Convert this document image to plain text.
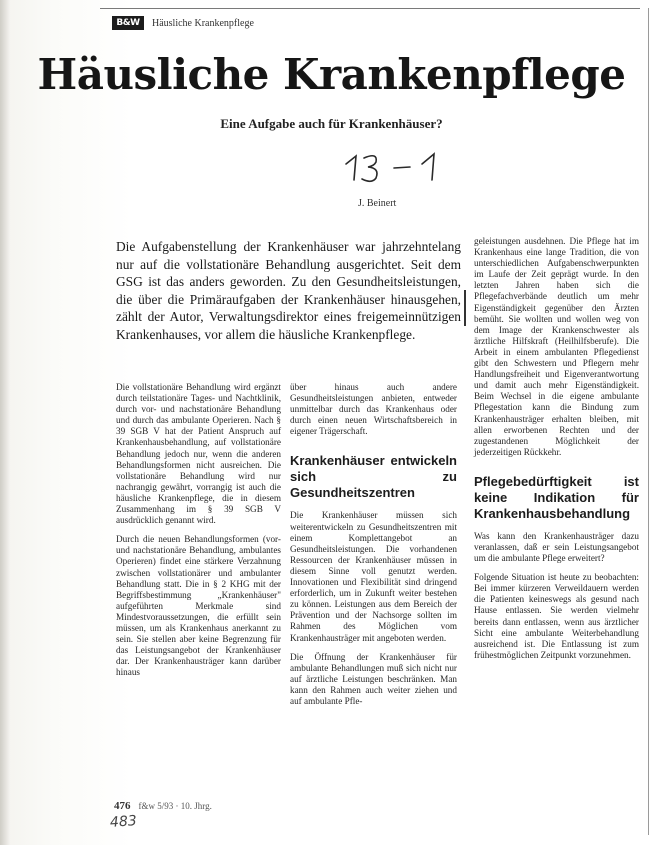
B&W	Häusliche Krankenpflege
Häusliche Krankenpflege
Eine Aufgabe auch für Krankenhäuser?
J. Beinert

Die Aufgabenstellung der Krankenhäuser war jahrzehntelang nur auf die vollstationäre Behandlung ausgerichtet. Seit dem GSG ist das anders geworden. Zu den Gesundheitsleistungen, die über die Primäraufgaben der Krankenhäuser hinausgehen, zählt der Autor, Verwaltungsdirektor eines freigemeinnützigen Krankenhauses, vor allem die häusliche Krankenpflege.

Die vollstationäre Behandlung wird ergänzt durch teilstationäre Tages- und Nachtklinik, durch vor- und nachstationäre Behandlung und durch das ambulante Operieren. Nach § 39 SGB V hat der Patient Anspruch auf Krankenhausbehandlung, auf vollstationäre Behandlung jedoch nur, wenn die anderen Behandlungsformen nicht ausreichen. Die vollstationäre Behandlung wird nur nachrangig gewährt, vorrangig ist auch die häusliche Krankenpflege, die in diesem Zusammenhang im § 39 SGB V ausdrücklich genannt wird.

Durch die neuen Behandlungsformen (vor- und nachstationäre Behandlung, ambulantes Operieren) findet eine stärkere Verzahnung zwischen vollstationärer und ambulanter Behandlung statt. Die in § 2 KHG mit der Begriffsbestimmung „Krankenhäuser" aufgeführten Merkmale sind Mindestvoraussetzungen, die erfüllt sein müssen, um als Krankenhaus anerkannt zu sein. Sie stellen aber keine Begrenzung für das Leistungsangebot der Krankenhäuser dar. Der Krankenhausträger kann darüber hinaus

über hinaus auch andere Gesundheitsleistungen anbieten, entweder unmittelbar durch das Krankenhaus oder durch einen neuen Wirtschaftsbereich in eigener Trägerschaft.

Krankenhäuser entwickeln sich zu Gesundheitszentren

Die Krankenhäuser müssen sich weiterentwickeln zu Gesundheitszentren mit einem Komplettangebot an Gesundheitsleistungen. Die vorhandenen Ressourcen der Krankenhäuser müssen in diesem Sinne voll genutzt werden. Innovationen und Flexibilität sind dringend erforderlich, um in Zukunft weiter bestehen zu können. Leistungen aus dem Bereich der Prävention und der Nachsorge sollten im Rahmen des Möglichen vom Krankenhausträger mit angeboten werden.

Die Öffnung der Krankenhäuser für ambulante Behandlungen muß sich nicht nur auf ärztliche Leistungen beschränken. Man kann den Rahmen auch weiter ziehen und auf ambulante Pfle-

geleistungen ausdehnen. Die Pflege hat im Krankenhaus eine lange Tradition, die von unterschiedlichen Aufgabenschwerpunkten im Laufe der Zeit geprägt wurde. In den letzten Jahren haben sich die Pflegefachverbände deutlich um mehr Eigenständigkeit gegenüber den Ärzten bemüht. Sie wollten und wollen weg von dem Image der Krankenschwester als ärztliche Hilfskraft (Heilhilfsberufe). Die Arbeit in einem ambulanten Pflegedienst gibt den Schwestern und Pflegern mehr Handlungsfreiheit und Eigenverantwortung und damit auch mehr Eigenständigkeit. Beim Wechsel in die eigene ambulante Pflegestation kann die Bindung zum Krankenhausträger erhalten bleiben, mit allen erworbenen Rechten und der zugestandenen Möglichkeit der jederzeitigen Rückkehr.

Pflegebedürftigkeit ist keine Indikation für Krankenhausbehandlung

Was kann den Krankenhausträger dazu veranlassen, daß er sein Leistungsangebot um die ambulante Pflege erweitert?

Folgende Situation ist heute zu beobachten: Bei immer kürzeren Verweildauern werden die Patienten keineswegs als gesund nach Hause entlassen. Sie werden vielmehr bereits dann entlassen, wenn aus ärztlicher Sicht eine ambulante Weiterbehandlung ausreichend ist. Die Entlassung ist zum frühestmöglichen Zeitpunkt vorzunehmen.

476 f&w 5/93 · 10. Jhrg.
483
